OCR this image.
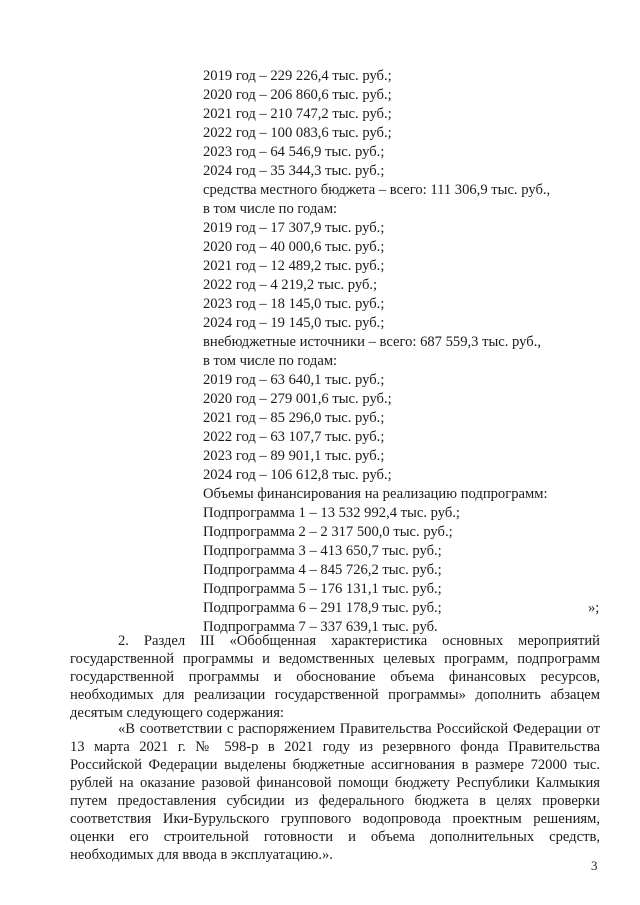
2019 год – 229 226,4 тыс. руб.;
2020 год – 206 860,6 тыс. руб.;
2021 год – 210 747,2 тыс. руб.;
2022 год – 100 083,6 тыс. руб.;
2023 год – 64 546,9 тыс. руб.;
2024 год – 35 344,3 тыс. руб.;
средства местного бюджета – всего: 111 306,9 тыс. руб.,
в том числе по годам:
2019 год – 17 307,9 тыс. руб.;
2020 год – 40 000,6 тыс. руб.;
2021 год – 12 489,2 тыс. руб.;
2022 год – 4 219,2 тыс. руб.;
2023 год – 18 145,0 тыс. руб.;
2024 год – 19 145,0 тыс. руб.;
внебюджетные источники – всего: 687 559,3 тыс. руб.,
в том числе по годам:
2019 год – 63 640,1 тыс. руб.;
2020 год – 279 001,6 тыс. руб.;
2021 год – 85 296,0 тыс. руб.;
2022 год – 63 107,7 тыс. руб.;
2023 год – 89 901,1 тыс. руб.;
2024 год – 106 612,8 тыс. руб.;
Объемы финансирования на реализацию подпрограмм:
Подпрограмма 1 – 13 532 992,4 тыс. руб.;
Подпрограмма 2 – 2 317 500,0 тыс. руб.;
Подпрограмма 3 – 413 650,7 тыс. руб.;
Подпрограмма 4 – 845 726,2 тыс. руб.;
Подпрограмма 5 – 176 131,1 тыс. руб.;
Подпрограмма 6 – 291 178,9 тыс. руб.;
Подпрограмма 7 – 337 639,1 тыс. руб.
»;
2. Раздел III «Обобщенная характеристика основных мероприятий государственной программы и ведомственных целевых программ, подпрограмм государственной программы и обоснование объема финансовых ресурсов, необходимых для реализации государственной программы» дополнить абзацем десятым следующего содержания:
«В соответствии с распоряжением Правительства Российской Федерации от 13 марта 2021 г. № 598-р в 2021 году из резервного фонда Правительства Российской Федерации выделены бюджетные ассигнования в размере 72000 тыс. рублей на оказание разовой финансовой помощи бюджету Республики Калмыкия путем предоставления субсидии из федерального бюджета в целях проверки соответствия Ики-Бурульского группового водопровода проектным решениям, оценки его строительной готовности и объема дополнительных средств, необходимых для ввода в эксплуатацию.».
3
